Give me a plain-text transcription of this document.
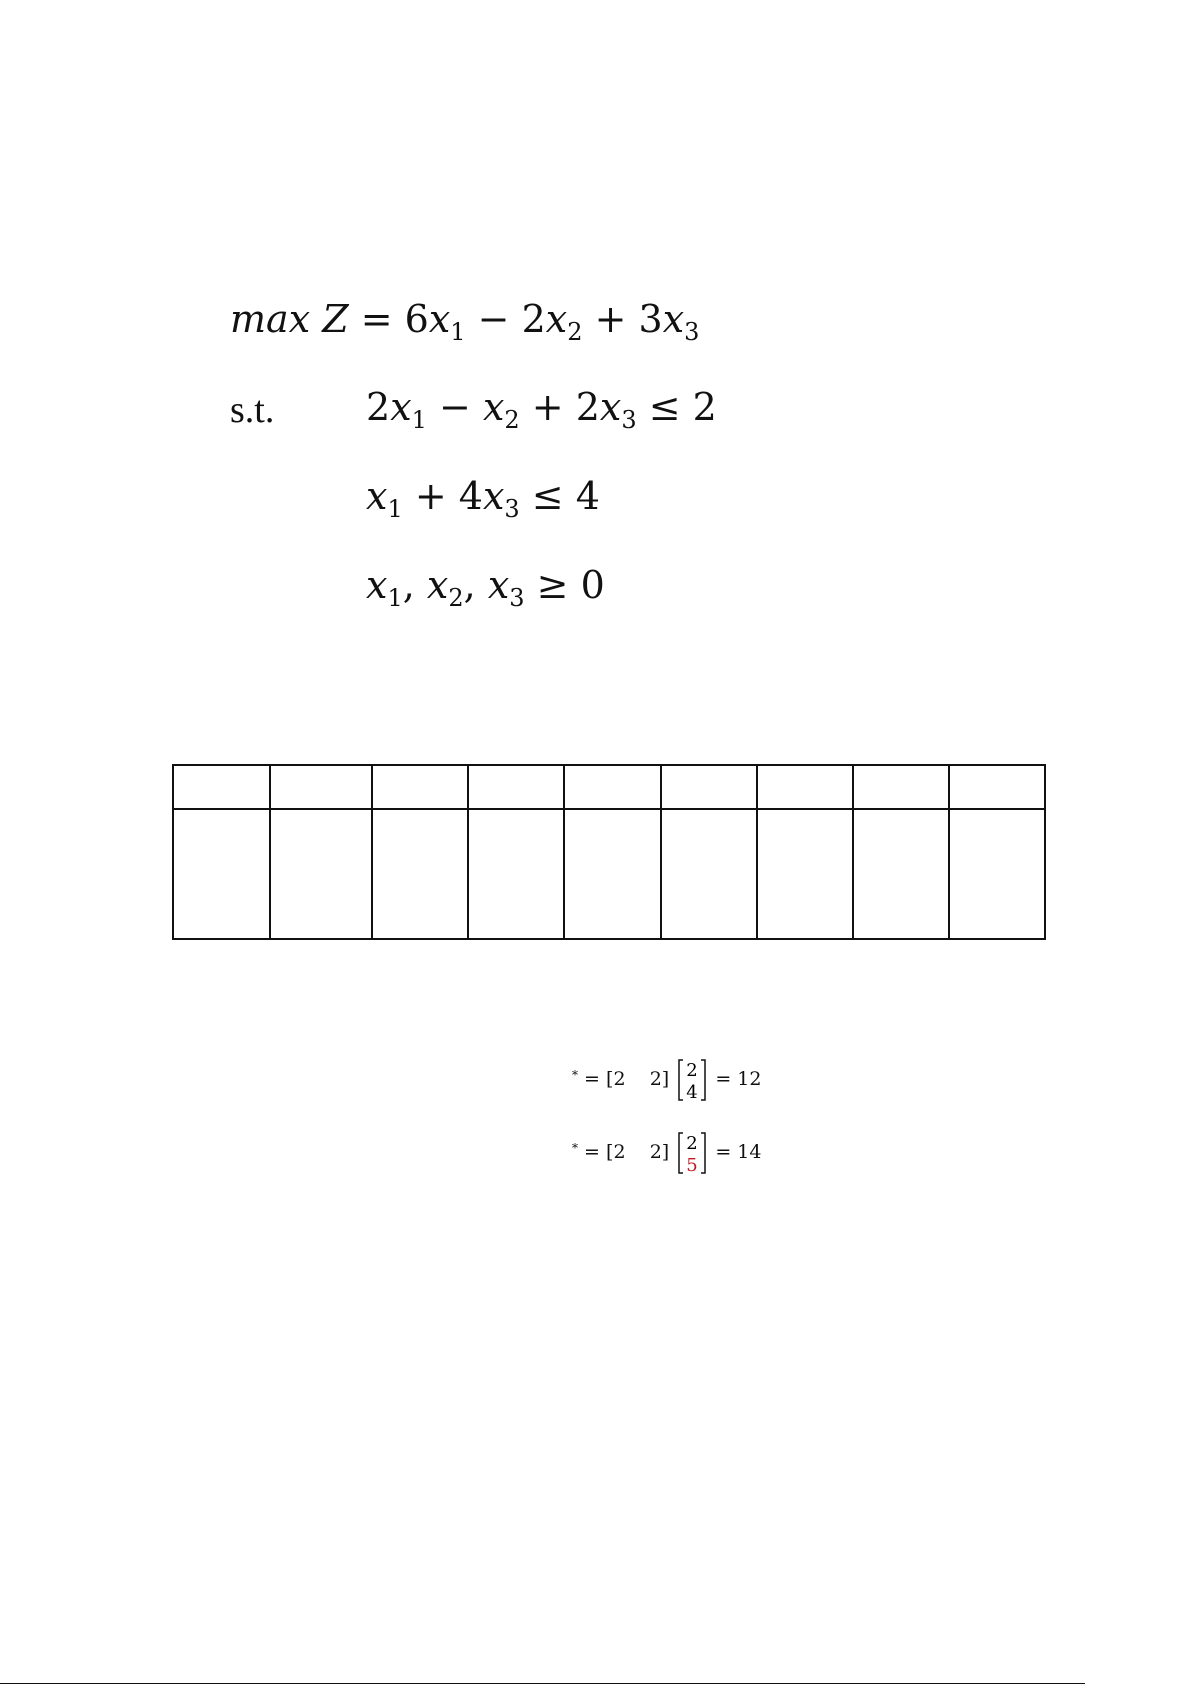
$\max Z = 6x_1 - 2x_2 + 3x_3$
s.t. $2x_1 - x_2 + 2x_3 \le 2$
$x_1 + 4x_3 \le 4$
$x_1$, $x_2$, $x_3 \ge 0$

* = [2 2] 2
4
= 12
* = [2 2] 2
5
= 14
